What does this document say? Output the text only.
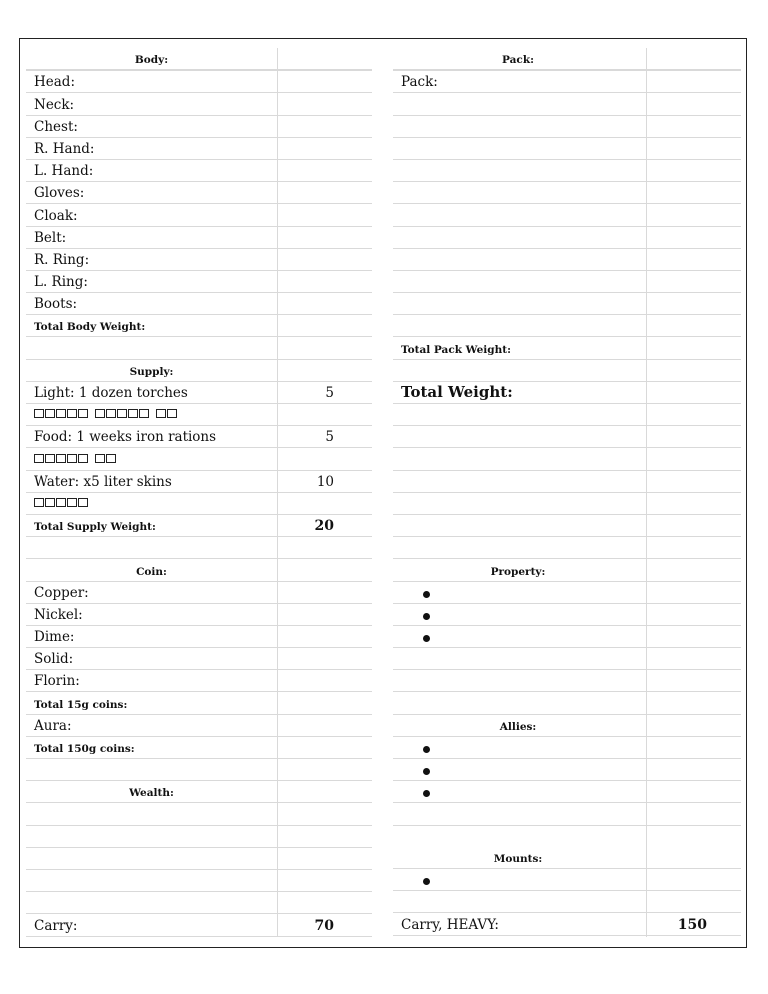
Body:
Head:
Neck:
Chest:
R. Hand:
L. Hand:
Gloves:
Cloak:
Belt:
R. Ring:
L. Ring:
Boots:
Total Body Weight:
Supply:
Light: 1 dozen torches	5
Food: 1 weeks iron rations	5
Water: x5 liter skins	10
Total Supply Weight:	20
Coin:
Copper:
Nickel:
Dime:
Solid:
Florin:
Total 15g coins:
Aura:
Total 150g coins:
Wealth:
Carry:	70
Pack:
Pack:
Total Pack Weight:
Total Weight:
Property:
Allies:
Mounts:
Carry, HEAVY:	150
